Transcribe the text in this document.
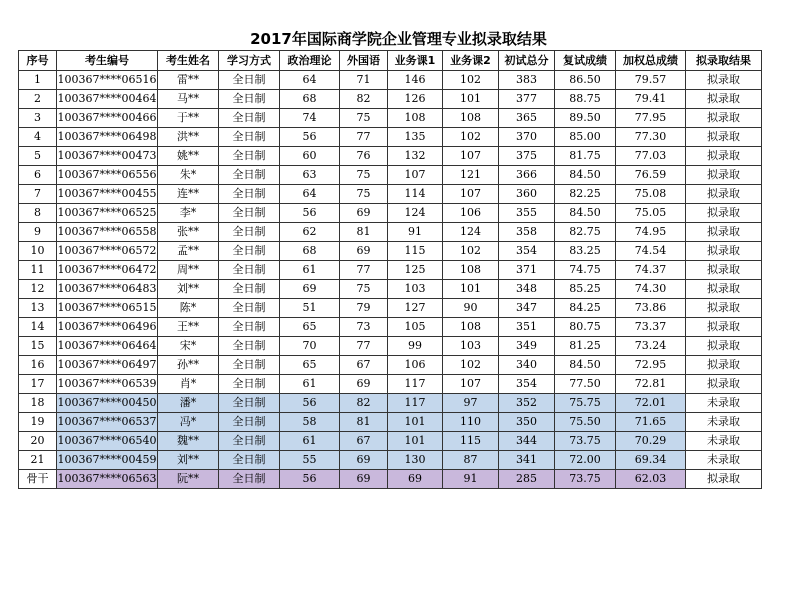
2017年国际商学院企业管理专业拟录取结果
序号	考生编号	考生姓名	学习方式	政治理论	外国语	业务课1	业务课2	初试总分	复试成绩	加权总成绩	拟录取结果
1	100367****06516	雷**	全日制	64	71	146	102	383	86.50	79.57	拟录取
2	100367****00464	马**	全日制	68	82	126	101	377	88.75	79.41	拟录取
3	100367****00466	于**	全日制	74	75	108	108	365	89.50	77.95	拟录取
4	100367****06498	洪**	全日制	56	77	135	102	370	85.00	77.30	拟录取
5	100367****00473	姚**	全日制	60	76	132	107	375	81.75	77.03	拟录取
6	100367****06556	朱*	全日制	63	75	107	121	366	84.50	76.59	拟录取
7	100367****00455	连**	全日制	64	75	114	107	360	82.25	75.08	拟录取
8	100367****06525	李*	全日制	56	69	124	106	355	84.50	75.05	拟录取
9	100367****06558	张**	全日制	62	81	91	124	358	82.75	74.95	拟录取
10	100367****06572	孟**	全日制	68	69	115	102	354	83.25	74.54	拟录取
11	100367****06472	周**	全日制	61	77	125	108	371	74.75	74.37	拟录取
12	100367****06483	刘**	全日制	69	75	103	101	348	85.25	74.30	拟录取
13	100367****06515	陈*	全日制	51	79	127	90	347	84.25	73.86	拟录取
14	100367****06496	王**	全日制	65	73	105	108	351	80.75	73.37	拟录取
15	100367****06464	宋*	全日制	70	77	99	103	349	81.25	73.24	拟录取
16	100367****06497	孙**	全日制	65	67	106	102	340	84.50	72.95	拟录取
17	100367****06539	肖*	全日制	61	69	117	107	354	77.50	72.81	拟录取
18	100367****00450	潘*	全日制	56	82	117	97	352	75.75	72.01	未录取
19	100367****06537	冯*	全日制	58	81	101	110	350	75.50	71.65	未录取
20	100367****06540	魏**	全日制	61	67	101	115	344	73.75	70.29	未录取
21	100367****00459	刘**	全日制	55	69	130	87	341	72.00	69.34	未录取
骨干	100367****06563	阮**	全日制	56	69	69	91	285	73.75	62.03	拟录取
